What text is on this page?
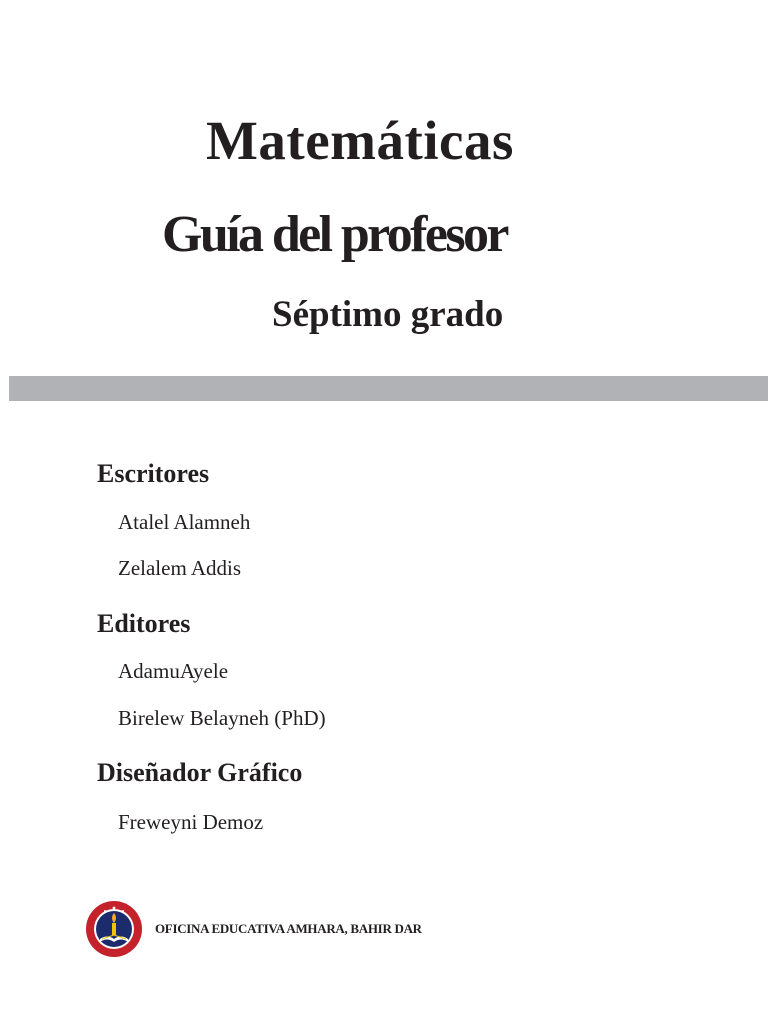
Matemáticas
Guía del profesor
Séptimo grado
Escritores
Atalel Alamneh
Zelalem Addis
Editores
AdamuAyele
Birelew Belayneh (PhD)
Diseñador Gráfico
Freweyni Demoz
OFICINA EDUCATIVA AMHARA, BAHIR DAR
